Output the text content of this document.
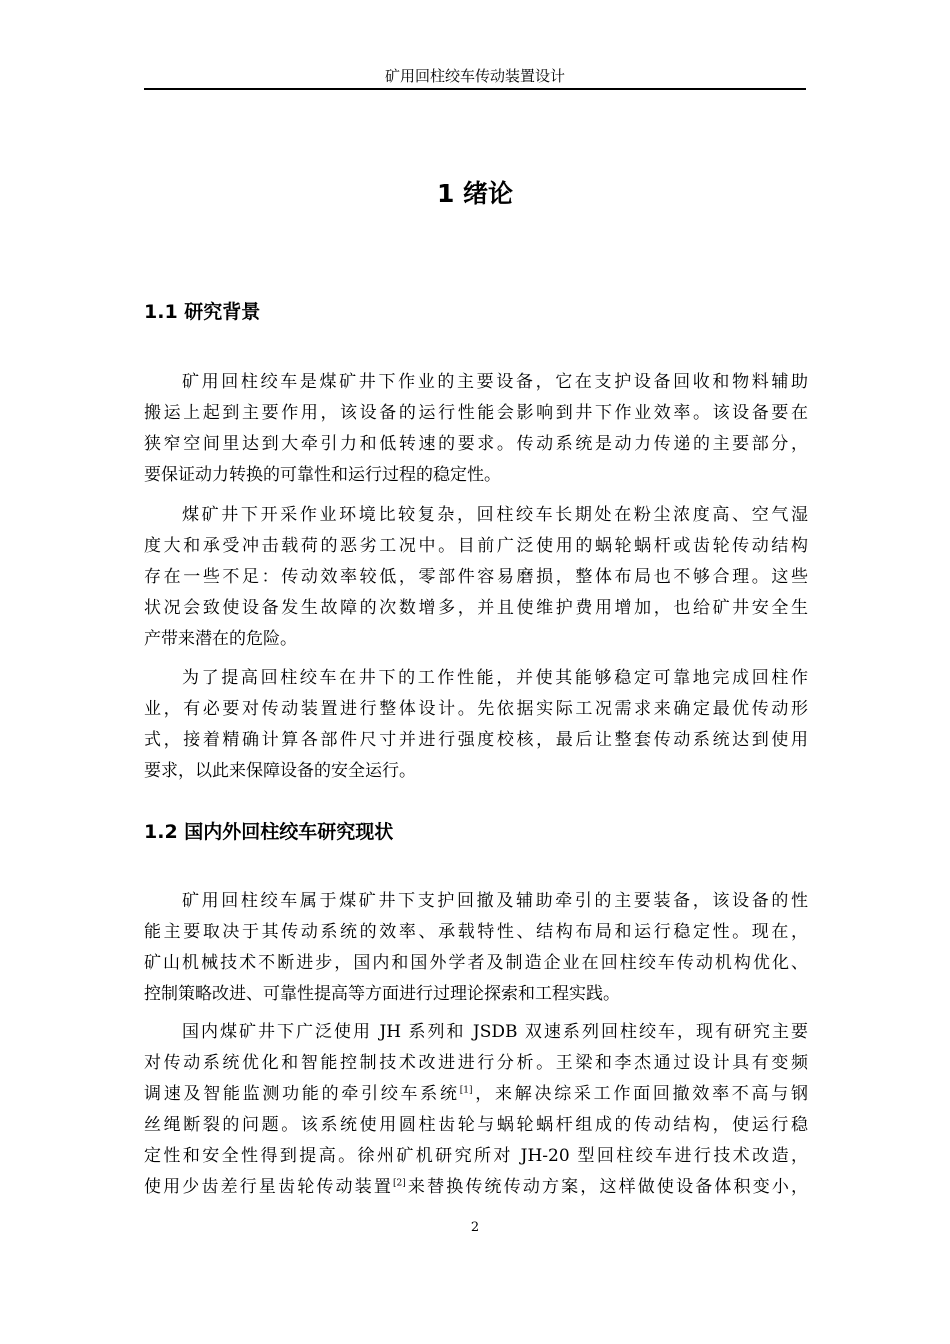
矿用回柱绞车传动装置设计
1 绪论
1.1 研究背景
矿用回柱绞车是煤矿井下作业的主要设备，它在支护设备回收和物料辅助
搬运上起到主要作用，该设备的运行性能会影响到井下作业效率。该设备要在
狭窄空间里达到大牵引力和低转速的要求。传动系统是动力传递的主要部分，
要保证动力转换的可靠性和运行过程的稳定性。
煤矿井下开采作业环境比较复杂，回柱绞车长期处在粉尘浓度高、空气湿
度大和承受冲击载荷的恶劣工况中。目前广泛使用的蜗轮蜗杆或齿轮传动结构
存在一些不足：传动效率较低，零部件容易磨损，整体布局也不够合理。这些
状况会致使设备发生故障的次数增多，并且使维护费用增加，也给矿井安全生
产带来潜在的危险。
为了提高回柱绞车在井下的工作性能，并使其能够稳定可靠地完成回柱作
业，有必要对传动装置进行整体设计。先依据实际工况需求来确定最优传动形
式，接着精确计算各部件尺寸并进行强度校核，最后让整套传动系统达到使用
要求，以此来保障设备的安全运行。
1.2 国内外回柱绞车研究现状
矿用回柱绞车属于煤矿井下支护回撤及辅助牵引的主要装备，该设备的性
能主要取决于其传动系统的效率、承载特性、结构布局和运行稳定性。现在，
矿山机械技术不断进步，国内和国外学者及制造企业在回柱绞车传动机构优化、
控制策略改进、可靠性提高等方面进行过理论探索和工程实践。
国内煤矿井下广泛使用 JH 系列和 JSDB 双速系列回柱绞车，现有研究主要
对传动系统优化和智能控制技术改进进行分析。王梁和李杰通过设计具有变频
调速及智能监测功能的牵引绞车系统[1]，来解决综采工作面回撤效率不高与钢
丝绳断裂的问题。该系统使用圆柱齿轮与蜗轮蜗杆组成的传动结构，使运行稳
定性和安全性得到提高。徐州矿机研究所对 JH-20 型回柱绞车进行技术改造，
使用少齿差行星齿轮传动装置[2]来替换传统传动方案，这样做使设备体积变小，
2
